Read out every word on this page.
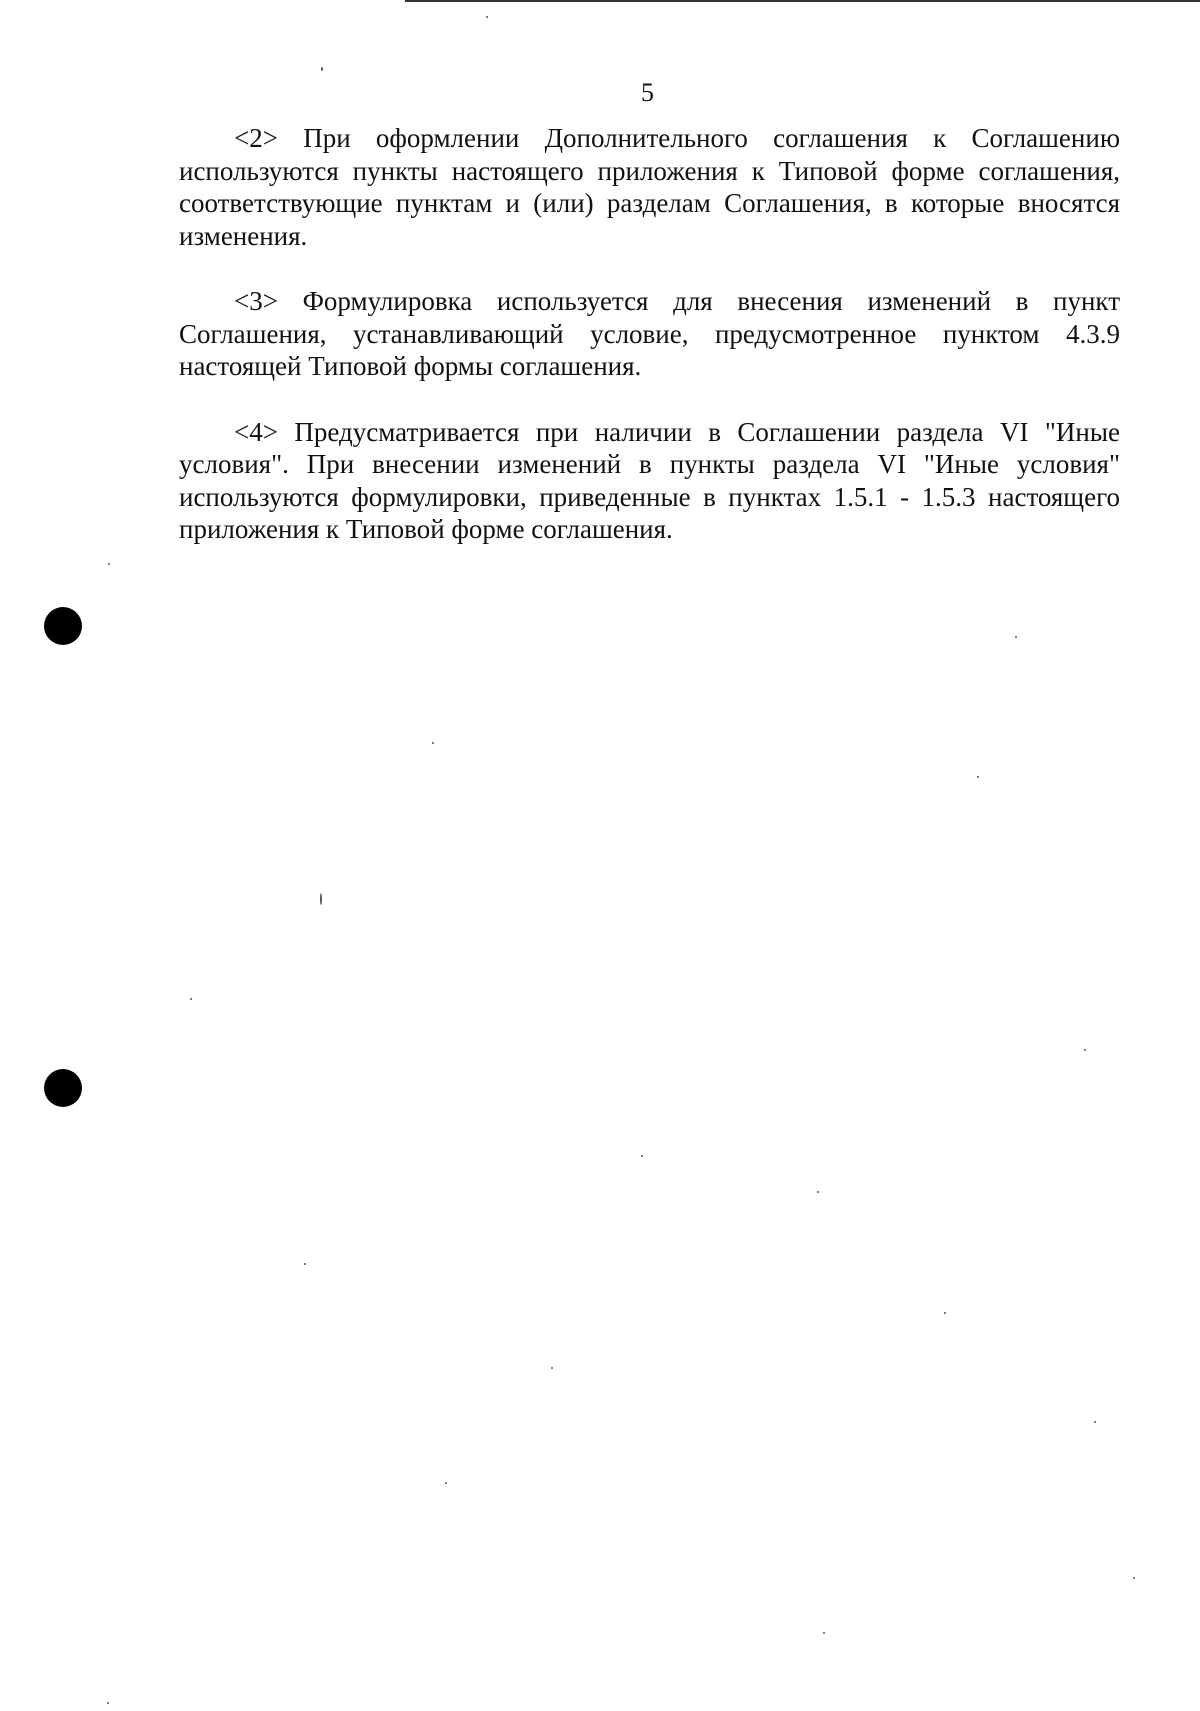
5

<2> При оформлении Дополнительного соглашения к Соглашению используются пункты настоящего приложения к Типовой форме соглашения, соответствующие пунктам и (или) разделам Соглашения, в которые вносятся изменения.

<3> Формулировка используется для внесения изменений в пункт Соглашения, устанавливающий условие, предусмотренное пунктом 4.3.9 настоящей Типовой формы соглашения.

<4> Предусматривается при наличии в Соглашении раздела VI "Иные условия". При внесении изменений в пункты раздела VI "Иные условия" используются формулировки, приведенные в пунктах 1.5.1 - 1.5.3 настоящего приложения к Типовой форме соглашения.
